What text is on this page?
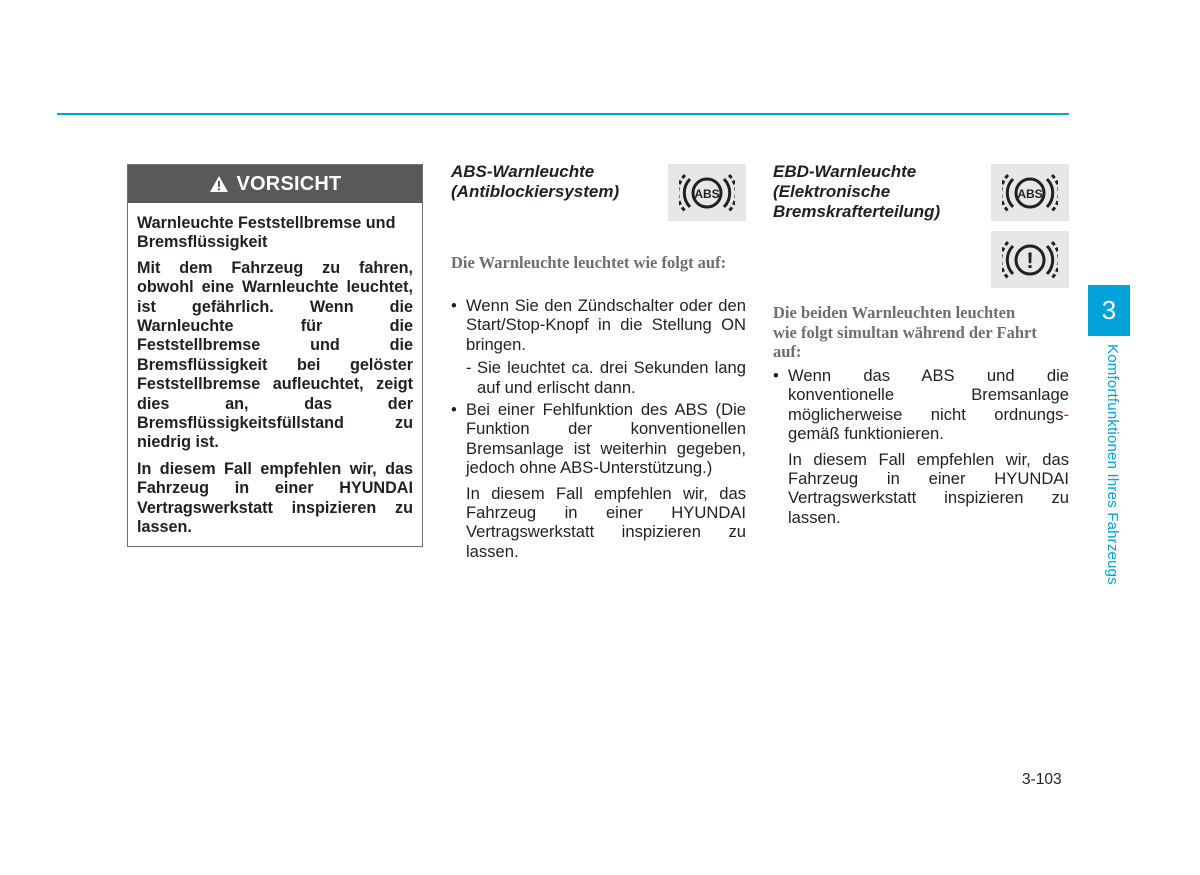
VORSICHT

Warnleuchte Feststellbremse und Bremsflüssigkeit

Mit dem Fahrzeug zu fahren, obwohl eine Warnleuchte leuchtet, ist gefährlich. Wenn die Warnleuchte für die Feststellbremse und die Bremsflüssigkeit bei gelöster Feststellbremse aufleuchtet, zeigt dies an, das der Bremsflüssigkeitsfüllstand zu niedrig ist.

In diesem Fall empfehlen wir, das Fahrzeug in einer HYUNDAI Vertragswerkstatt inspizieren zu lassen.

ABS-Warnleuchte
(Antiblockiersystem)	ABS
Die Warnleuchte leuchtet wie folgt auf:
• Wenn Sie den Zündschalter oder den Start/Stop-Knopf in die Stellung ON bringen.
- Sie leuchtet ca. drei Sekunden lang auf und erlischt dann.
• Bei einer Fehlfunktion des ABS (Die Funktion der konventionellen Bremsanlage ist weiterhin gegeben, jedoch ohne ABS-Unterstützung.)
In diesem Fall empfehlen wir, das Fahrzeug in einer HYUNDAI Vertragswerkstatt inspizieren zu lassen.
EBD-Warnleuchte
(Elektronische
Bremskrafterteilung)
ABS
!
Die beiden Warnleuchten leuchten wie folgt simultan während der Fahrt auf:
• Wenn das ABS und die konventionelle Bremsanlage möglicherweise nicht ordnungs- gemäß funktionieren.
In diesem Fall empfehlen wir, das Fahrzeug in einer HYUNDAI Vertragswerkstatt inspizieren zu lassen.
3
Komfortfunktionen Ihres Fahrzeugs
3-103
